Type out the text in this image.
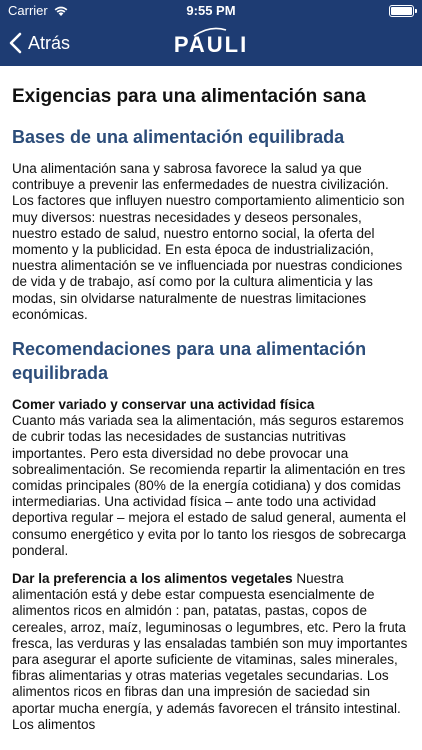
Carrier	9:55 PM
Atrás	PAULI
Exigencias para una alimentación sana
Bases de una alimentación equilibrada

Una alimentación sana y sabrosa favorece la salud ya que contribuye a prevenir las enfermedades de nuestra civilización. Los factores que influyen nuestro comportamiento alimenticio son muy diversos: nuestras necesidades y deseos personales, nuestro estado de salud, nuestro entorno social, la oferta del momento y la publicidad. En esta época de industrialización, nuestra alimentación se ve influenciada por nuestras condiciones de vida y de trabajo, así como por la cultura alimenticia y las modas, sin olvidarse naturalmente de nuestras limitaciones económicas.

Recomendaciones para una alimentación equilibrada

Comer variado y conservar una actividad física
Cuanto más variada sea la alimentación, más seguros estaremos de cubrir todas las necesidades de sustancias nutritivas importantes. Pero esta diversidad no debe provocar una sobrealimentación. Se recomienda repartir la alimentación en tres comidas principales (80% de la energía cotidiana) y dos comidas intermediarias. Una actividad física – ante todo una actividad deportiva regular – mejora el estado de salud general, aumenta el consumo energético y evita por lo tanto los riesgos de sobrecarga ponderal.

Dar la preferencia a los alimentos vegetales Nuestra alimentación está y debe estar compuesta esencialmente de alimentos ricos en almidón : pan, patatas, pastas, copos de cereales, arroz, maíz, leguminosas o legumbres, etc. Pero la fruta fresca, las verduras y las ensaladas también son muy importantes para asegurar el aporte suficiente de vitaminas, sales minerales, fibras alimentarias y otras materias vegetales secundarias. Los alimentos ricos en fibras dan una impresión de saciedad sin aportar mucha energía, y además favorecen el tránsito intestinal. Los alimentos
